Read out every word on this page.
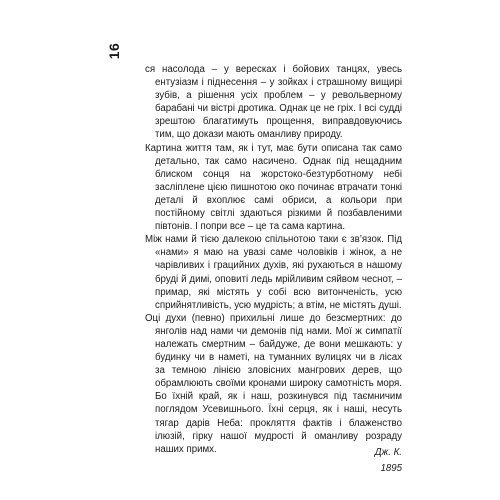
16

ся насолода – у вересках і бойових танцях, увесь ентузіазм і піднесення – у зойках і страшному вищирі зубів, а рішення усіх проблем – у револьверному барабані чи вістрі дротика. Однак це не гріх. І всі судді зрештою благатимуть прощення, виправдовуючись тим, що докази мають оманливу природу.

Картина життя там, як і тут, має бути описана так само детально, так само насичено. Однак під нещадним блиском сонця на жорстоко-безтурботному небі засліплене цією пишнотою око починає втрачати тонкі деталі й вхоплює самі обриси, а кольори при постійному світлі здаються різкими й позбавленими півтонів. І попри все – це та сама картина.

Між нами й тією далекою спільнотою таки є зв’язок. Під «нами» я маю на увазі саме чоловіків і жінок, а не чарівливих і грацийних духів, які рухаються в нашому бруді й димі, оповиті ледь мрійливим сяйвом чеснот, – примар, які містять у собі всю витонченість, усю сприйнятливість, усю мудрість; а втім, не містять душі.

Оці духи (певно) прихильні лише до безсмертних: до янголів над нами чи демонів під нами. Мої ж симпатії належать смертним – байдуже, де вони мешкають: у будинку чи в наметі, на туманних вулицях чи в лісах за темною лінією зловісних мангрових дерев, що обрамлюють своїми кронами широку самотність моря. Бо їхній край, як і наш, розкинувся під таємничим поглядом Усевишнього. Їхні серця, як і наші, несуть тягар дарів Неба: прокляття фактів і блаженство ілюзій, гірку нашої мудрості й оманливу розраду наших примх.	Дж. К.
1895
